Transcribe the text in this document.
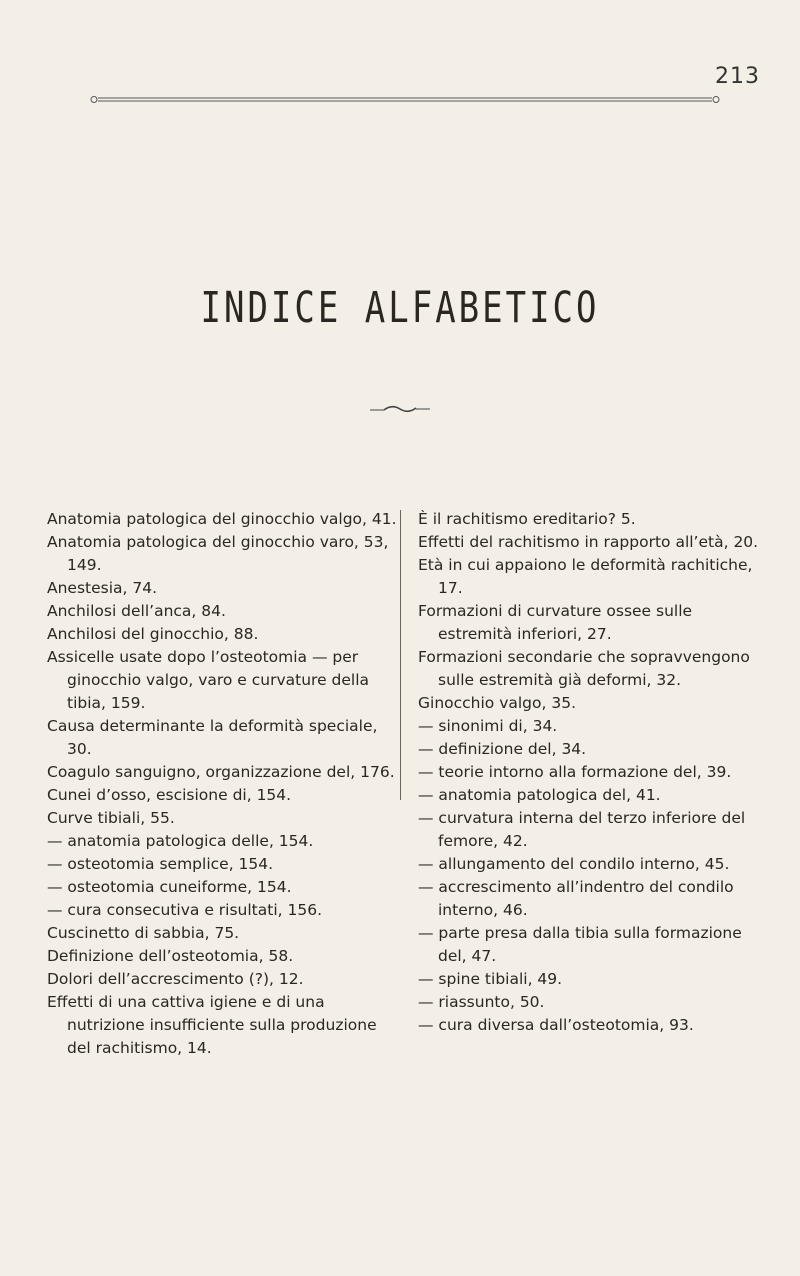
213
INDICE ALFABETICO

Anatomia patologica del ginocchio valgo, 41.

Anatomia patologica del ginocchio varo, 53, 149.

Anestesia, 74.

Anchilosi dell’anca, 84.

Anchilosi del ginocchio, 88.

Assicelle usate dopo l’osteotomia — per ginocchio valgo, varo e curvature della tibia, 159.

Causa determinante la deformità speciale, 30.

Coagulo sanguigno, organizzazione del, 176.

Cunei d’osso, escisione di, 154.

Curve tibiali, 55.

— anatomia patologica delle, 154.

— osteotomia semplice, 154.

— osteotomia cuneiforme, 154.

— cura consecutiva e risultati, 156.

Cuscinetto di sabbia, 75.

Definizione dell’osteotomia, 58.

Dolori dell’accrescimento (?), 12.

Effetti di una cattiva igiene e di una nutrizione insufficiente sulla produzione del rachitismo, 14.

È il rachitismo ereditario? 5.

Effetti del rachitismo in rapporto all’età, 20.

Età in cui appaiono le deformità rachitiche, 17.

Formazioni di curvature ossee sulle estremità inferiori, 27.

Formazioni secondarie che sopravvengono sulle estremità già deformi, 32.

Ginocchio valgo, 35.

— sinonimi di, 34.

— definizione del, 34.

— teorie intorno alla formazione del, 39.

— anatomia patologica del, 41.

— curvatura interna del terzo inferiore del femore, 42.

— allungamento del condilo interno, 45.

— accrescimento all’indentro del condilo interno, 46.

— parte presa dalla tibia sulla formazione del, 47.

— spine tibiali, 49.

— riassunto, 50.

— cura diversa dall’osteotomia, 93.
